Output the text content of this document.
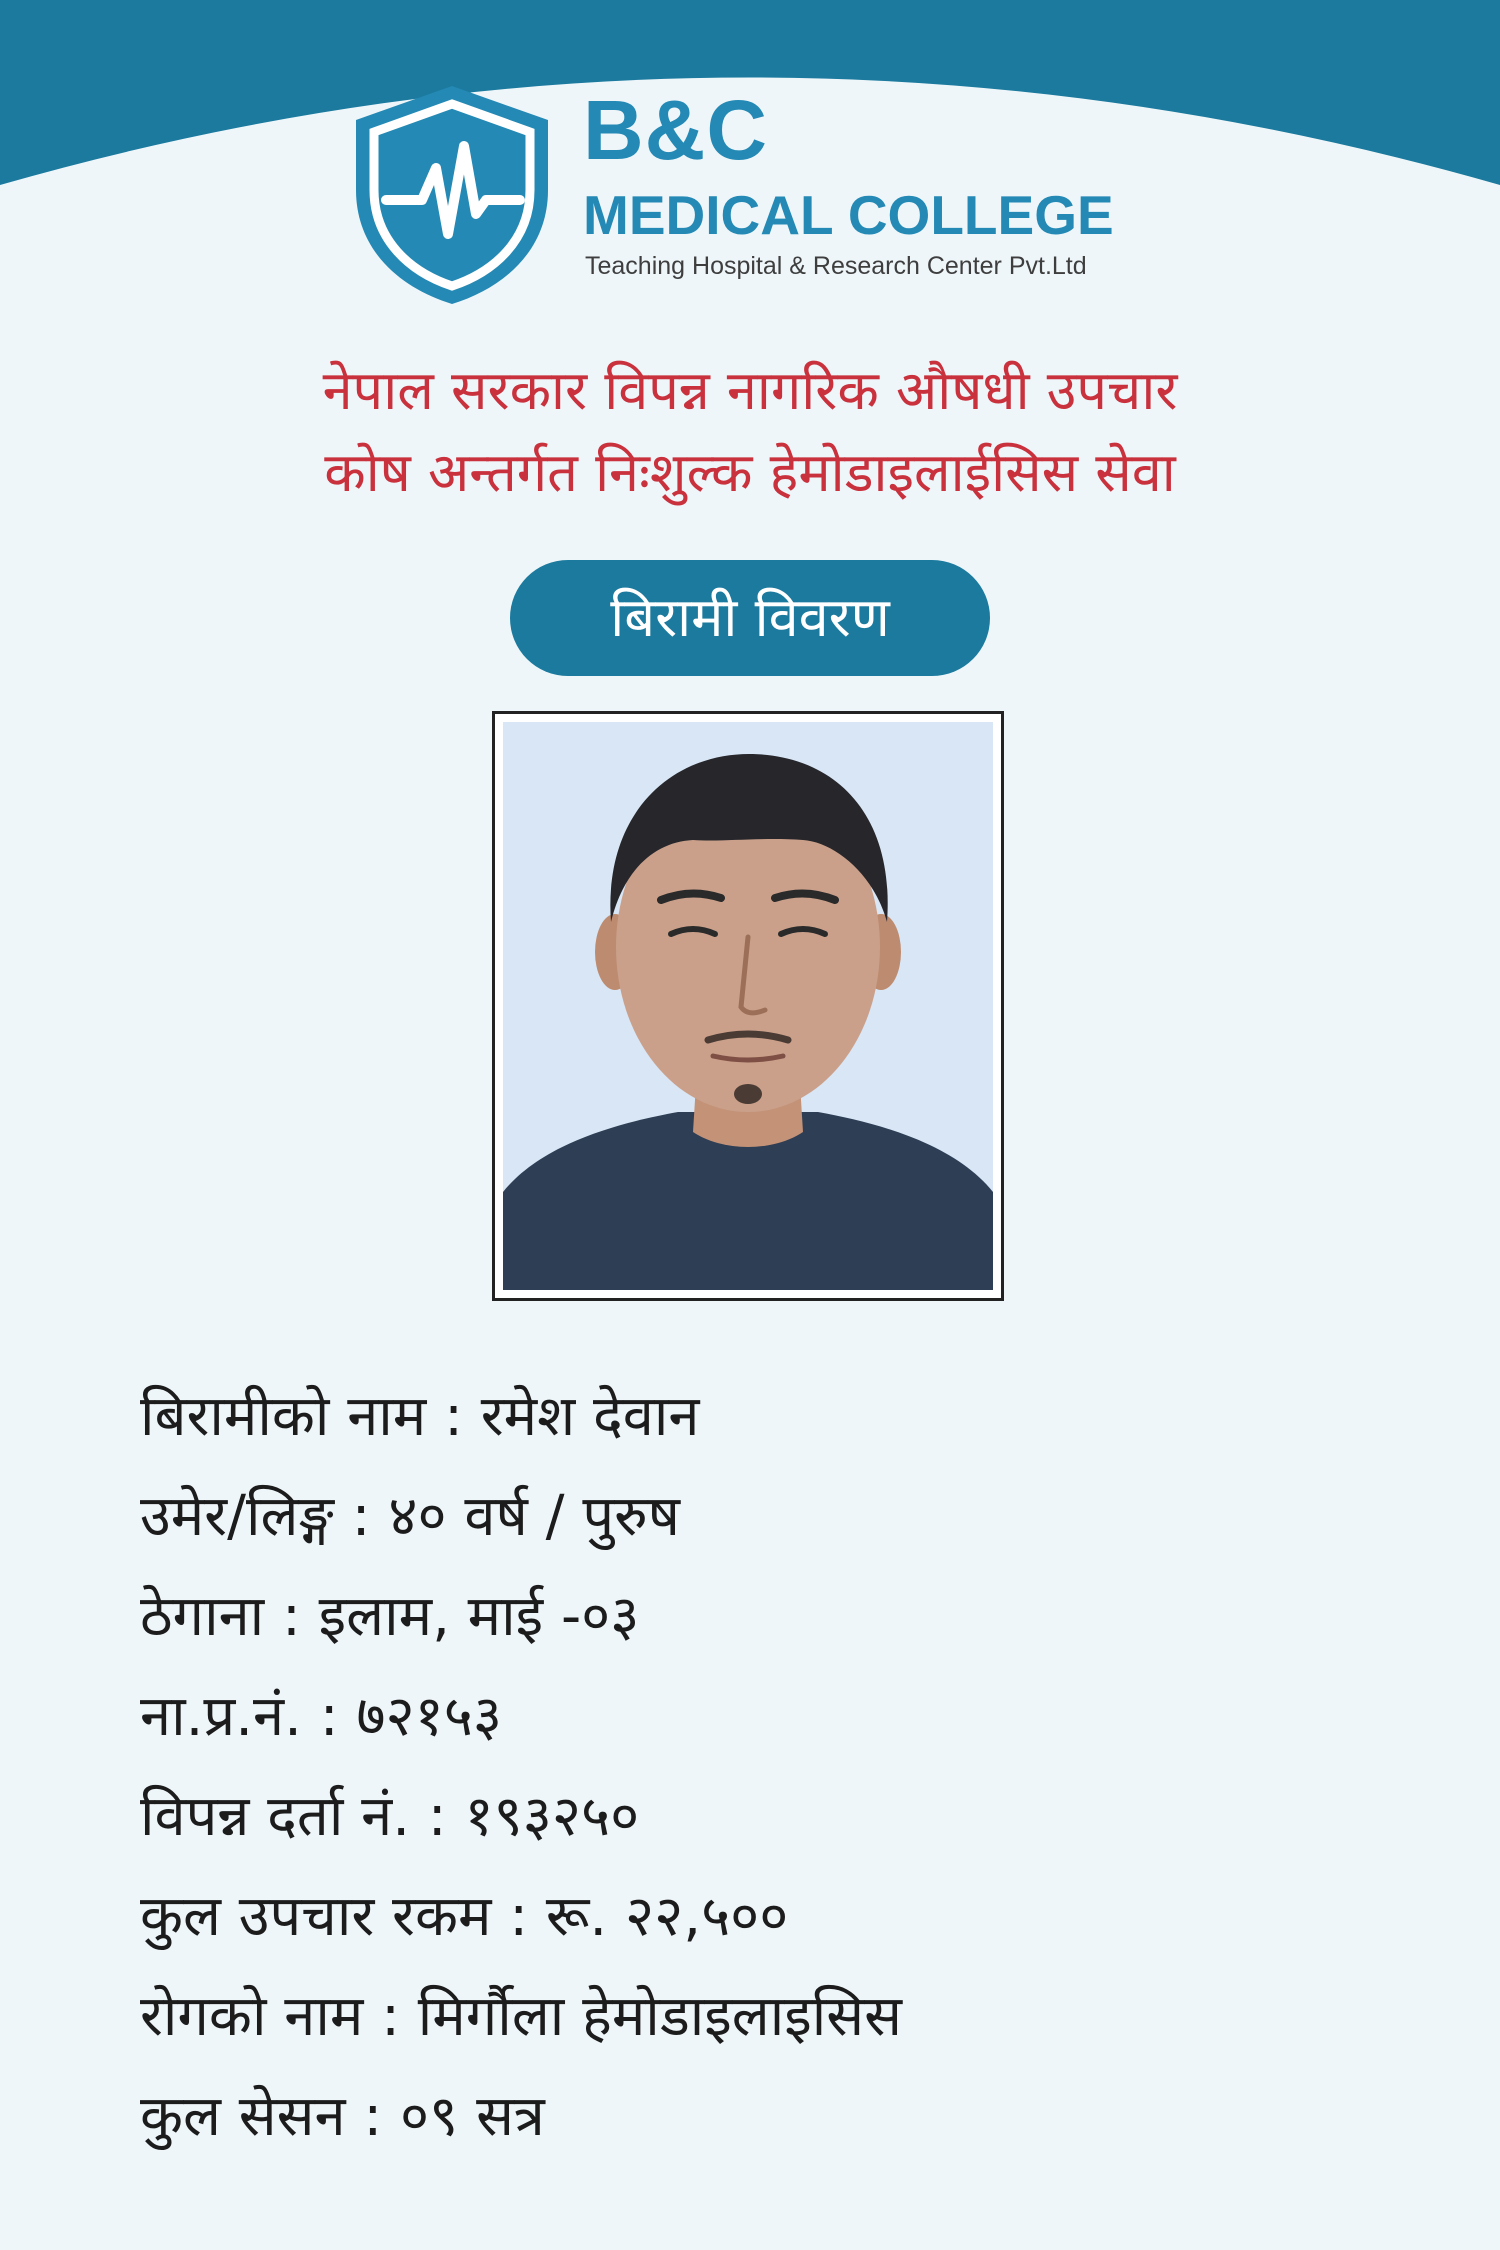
B&C
MEDICAL COLLEGE
Teaching Hospital & Research Center Pvt.Ltd
नेपाल सरकार विपन्न नागरिक औषधी उपचार
कोष अन्तर्गत निःशुल्क हेमोडाइलाईसिस सेवा
बिरामी विवरण
बिरामीको नाम : रमेश देवान
उमेर/लिङ्ग : ४० वर्ष / पुरुष
ठेगाना : इलाम, माई -०३
ना.प्र.नं. : ७२१५३
विपन्न दर्ता नं. : १९३२५०
कुल उपचार रकम : रू. २२,५००
रोगको नाम : मिर्गौला हेमोडाइलाइसिस
कुल सेसन : ०९ सत्र
